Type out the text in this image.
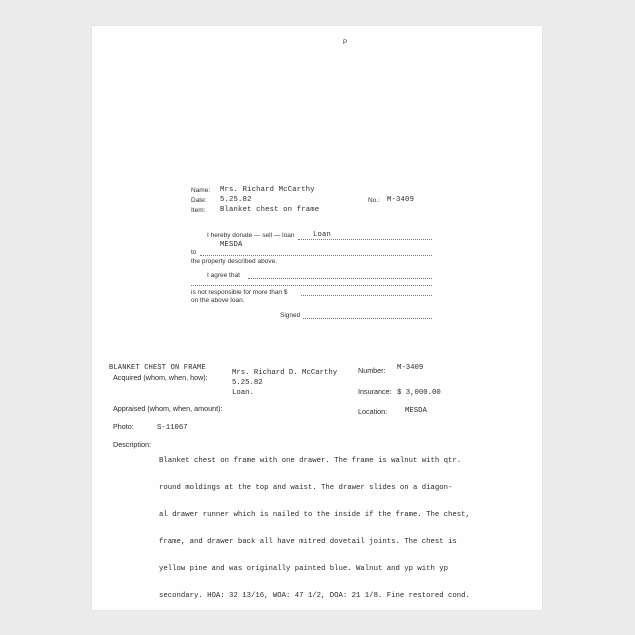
P
Name: Mrs. Richard McCarthy
Date: 5.25.82
Item: Blanket chest on frame
No.: M-3409
I hereby donate — sell — loan	Loan
MESDA
to
the property described above.
I agree that
is not responsible for more than $
on the above loan.
Signed
BLANKET CHEST ON FRAME
Acquired (whom, when, how):	Mrs. Richard D. McCarthy
5.25.82
Loan.
Number: M-3409
Insurance: $ 3,000.00
Appraised (whom, when, amount):	Location: MESDA
Photo:	S-11067
Description:

Blanket chest on frame with one drawer. The frame is walnut with qtr.

round moldings at the top and waist. The drawer slides on a diagon-

al drawer runner which is nailed to the inside if the frame. The chest,

frame, and drawer back all have mitred dovetail joints. The chest is

yellow pine and was originally painted blue. Walnut and yp with yp

secondary. HOA: 32 13/16, WOA: 47 1/2, DOA: 21 1/8. Fine restored cond.
